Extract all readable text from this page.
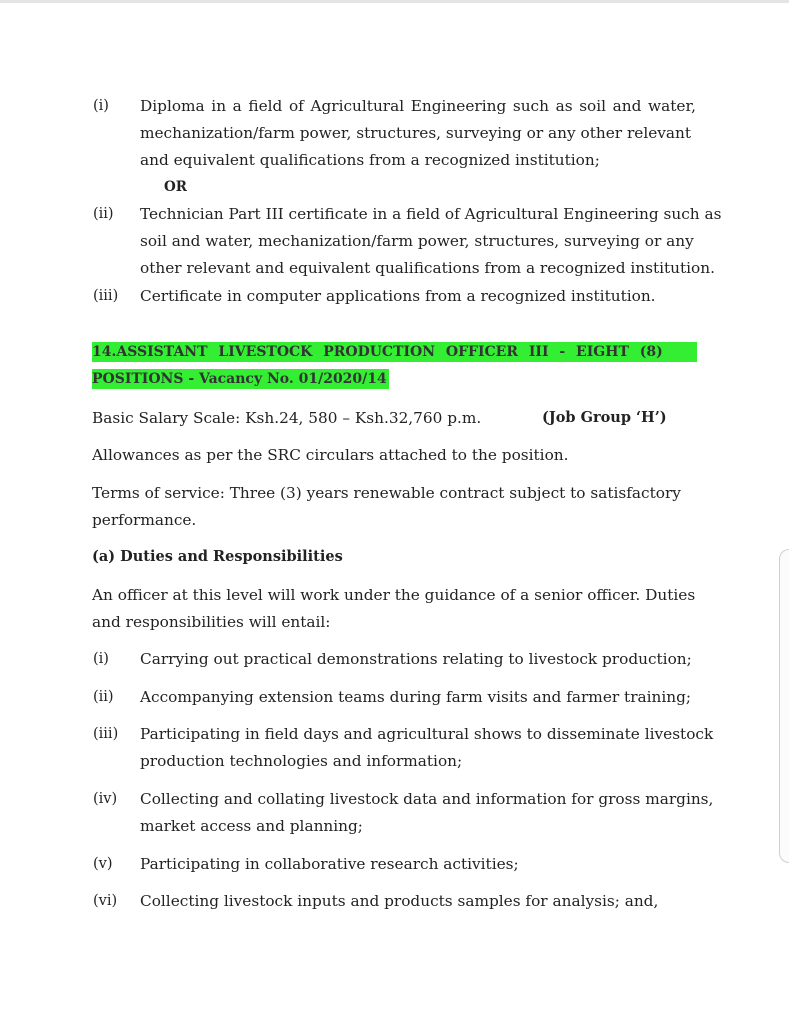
(i) Diploma in a field of Agricultural Engineering such as soil and water,
mechanization/farm power, structures, surveying or any other relevant
and equivalent qualifications from a recognized institution;
OR
(ii) Technician Part III certificate in a field of Agricultural Engineering such as
soil and water, mechanization/farm power, structures, surveying or any
other relevant and equivalent qualifications from a recognized institution.
(iii) Certificate in computer applications from a recognized institution.
14.ASSISTANT LIVESTOCK PRODUCTION OFFICER III - EIGHT (8)
POSITIONS - Vacancy No. 01/2020/14
Basic Salary Scale: Ksh.24, 580 – Ksh.32,760 p.m.	(Job Group ‘H’)
Allowances as per the SRC circulars attached to the position.
Terms of service: Three (3) years renewable contract subject to satisfactory
performance.
(a) Duties and Responsibilities
An officer at this level will work under the guidance of a senior officer. Duties
and responsibilities will entail:
(i) Carrying out practical demonstrations relating to livestock production;
(ii) Accompanying extension teams during farm visits and farmer training;
(iii) Participating in field days and agricultural shows to disseminate livestock
production technologies and information;
(iv) Collecting and collating livestock data and information for gross margins,
market access and planning;
(v) Participating in collaborative research activities;
(vi) Collecting livestock inputs and products samples for analysis; and,
